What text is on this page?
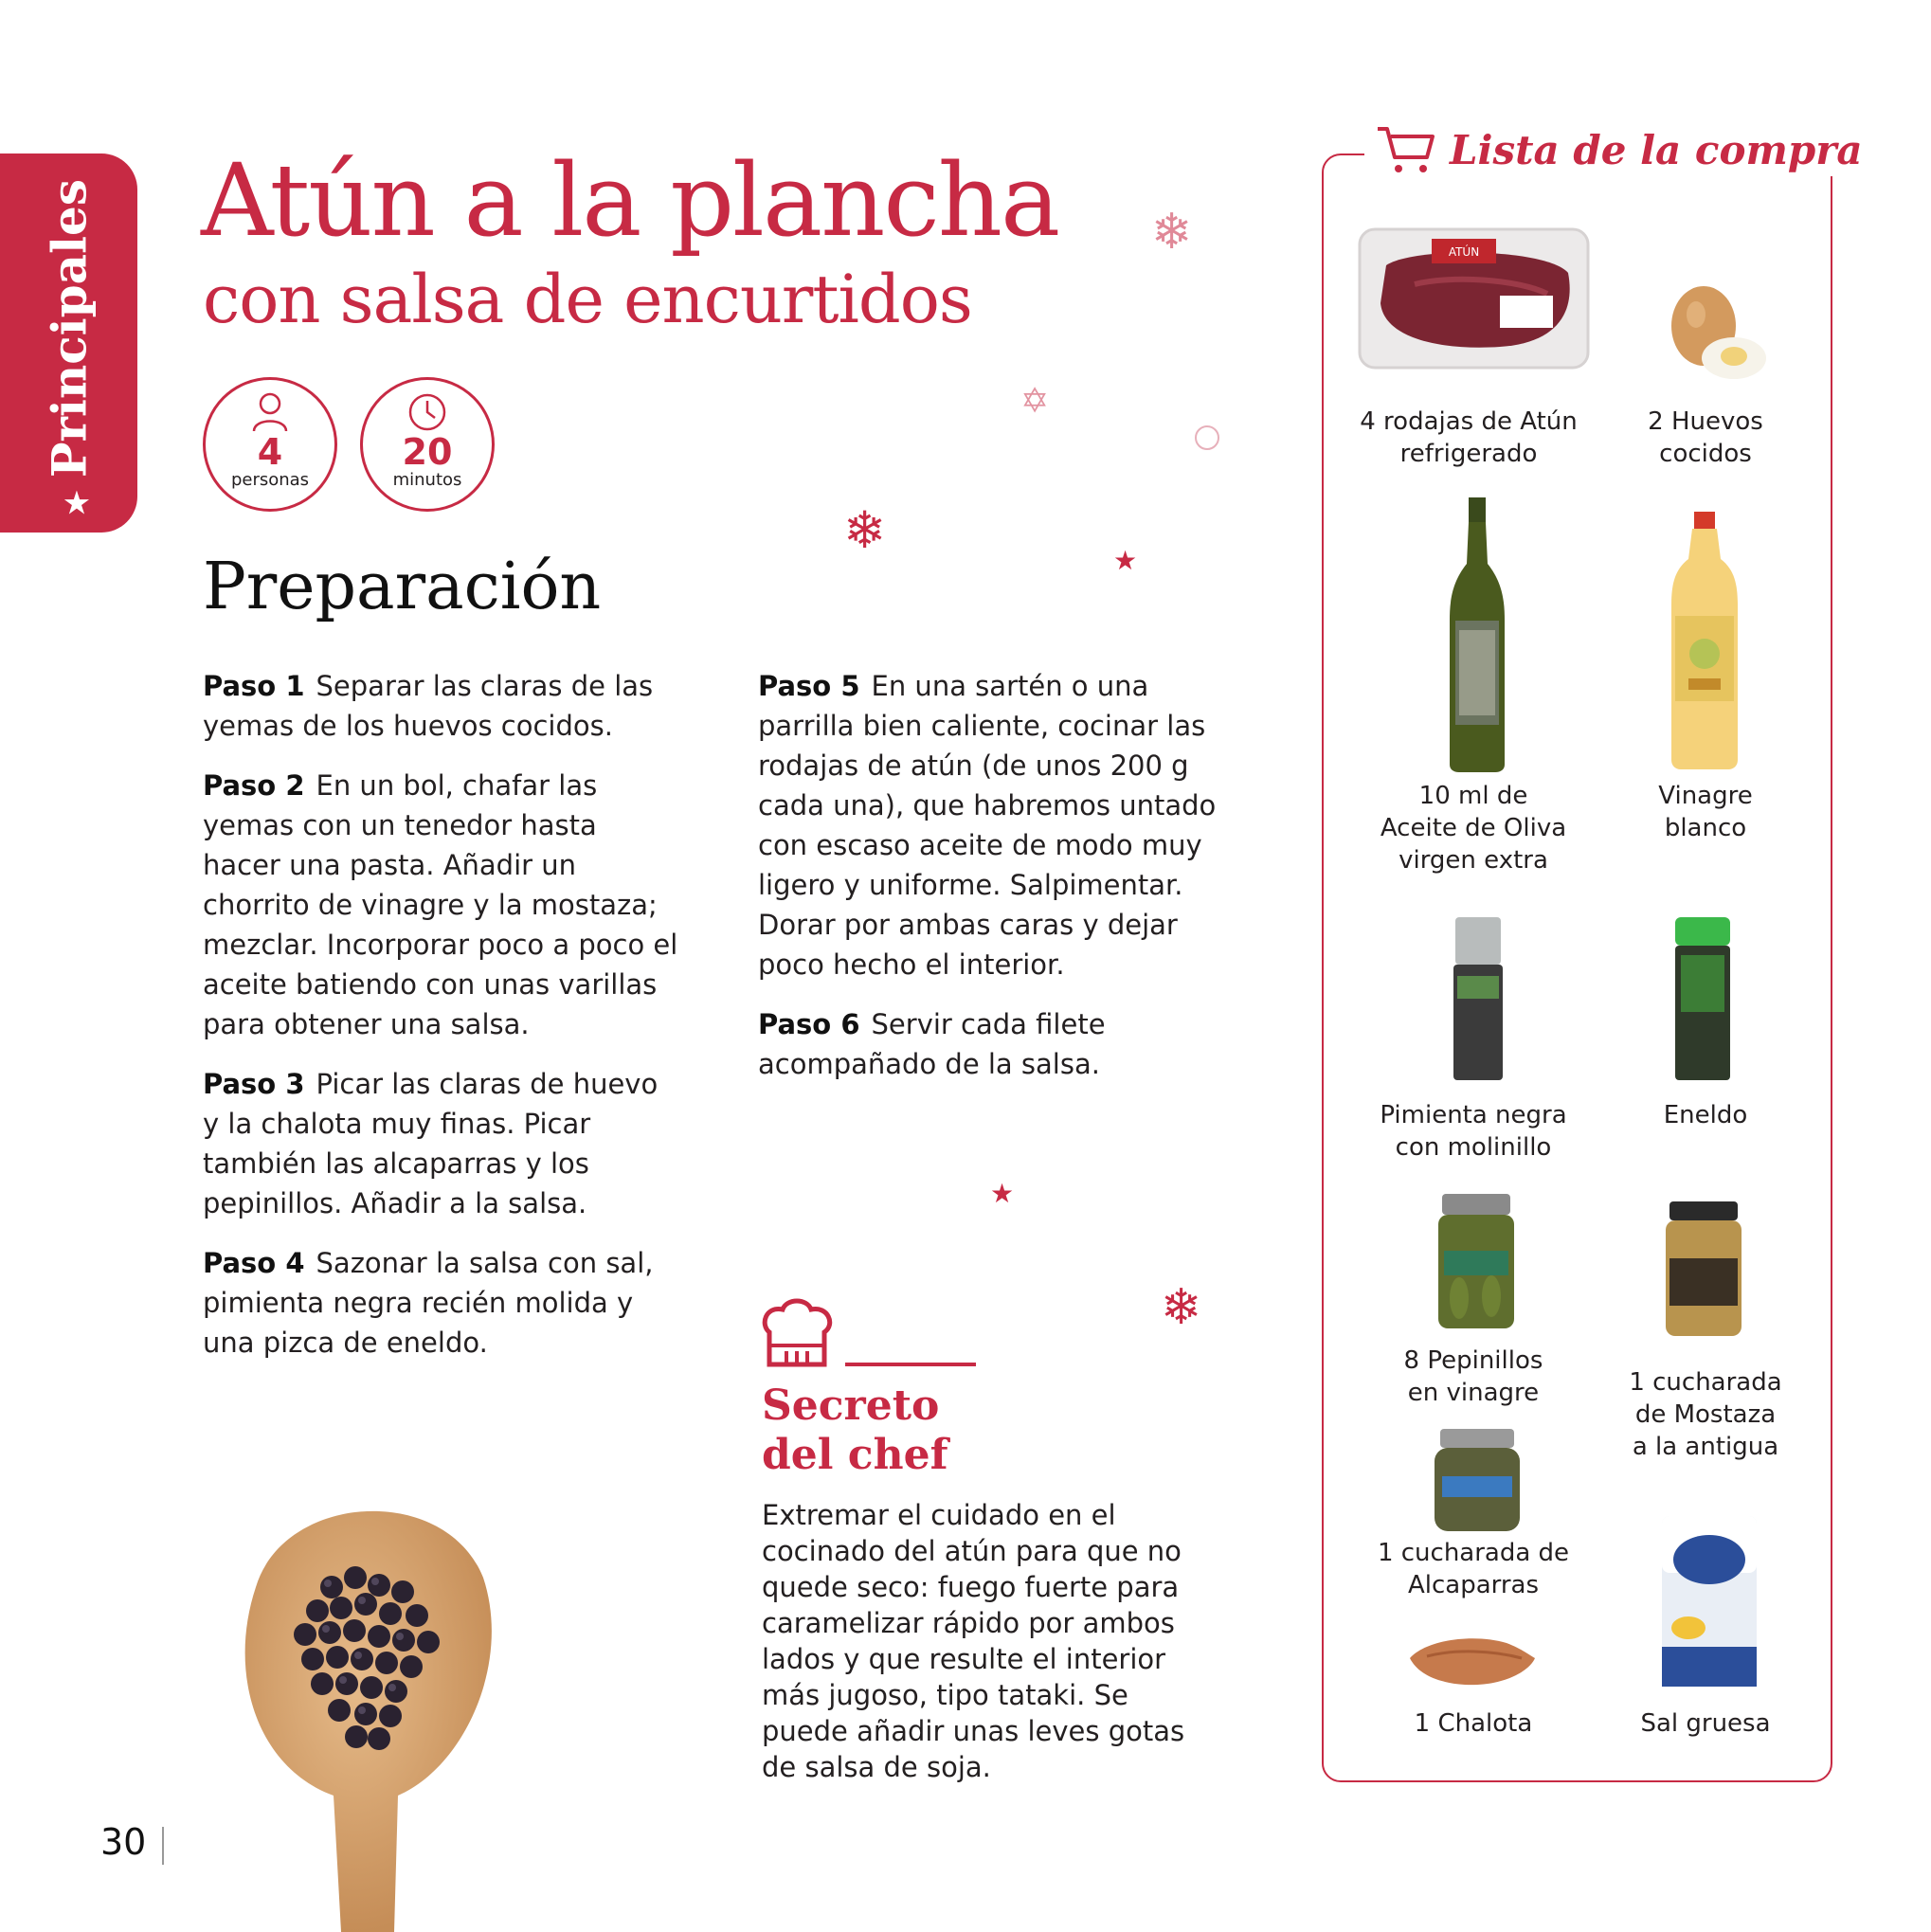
★Principales Atún a la plancha
con salsa de encurtidos
4
personas
20
minutos
❄
✡
❄
★
★
❄
Preparación

Paso 1 Separar las claras de las yemas de los huevos cocidos.

Paso 2 En un bol, chafar las yemas con un tenedor hasta hacer una pasta. Añadir un chorrito de vinagre y la mostaza; mezclar. Incorporar poco a poco el aceite batiendo con unas varillas para obtener una salsa.

Paso 3 Picar las claras de huevo y la chalota muy finas. Picar también las alcaparras y los pepinillos. Añadir a la salsa.

Paso 4 Sazonar la salsa con sal, pimienta negra recién molida y una pizca de eneldo.

Paso 5 En una sartén o una parrilla bien caliente, cocinar las rodajas de atún (de unos 200 g cada una), que habremos untado con escaso aceite de modo muy ligero y uniforme. Salpimentar. Dorar por ambas caras y dejar poco hecho el interior.

Paso 6 Servir cada filete acompañado de la salsa.

Secreto
del chef

Extremar el cuidado en el cocinado del atún para que no quede seco: fuego fuerte para caramelizar rápido por ambos lados y que resulte el interior más jugoso, tipo tataki. Se puede añadir unas leves gotas de salsa de soja.

30
Lista de la compra
ATÚN
4 rodajas de Atún
refrigerado
2 Huevos
cocidos
10 ml de
Aceite de Oliva
virgen extra
Vinagre
blanco
Pimienta negra
con molinillo
Eneldo
8 Pepinillos
en vinagre	1 cucharada
de Mostaza
a la antigua
1 cucharada de
Alcaparras
1 Chalota	Sal gruesa
